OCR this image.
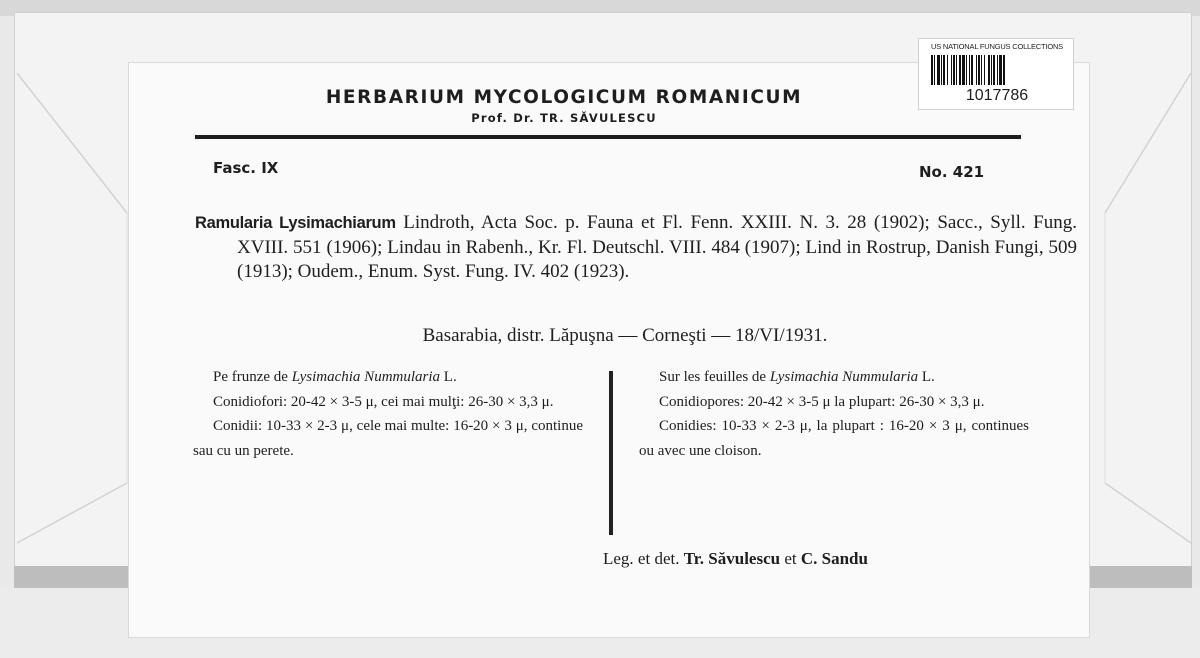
HERBARIUM MYCOLOGICUM ROMANICUM
Prof. Dr. TR. SĂVULESCU
Fasc. IX	No. 421
Ramularia Lysimachiarum Lindroth, Acta Soc. p. Fauna et Fl. Fenn. XXIII. N. 3. 28 (1902); Sacc., Syll. Fung. XVIII. 551 (1906); Lindau in Rabenh., Kr. Fl. Deutschl. VIII. 484 (1907); Lind in Rostrup, Danish Fungi, 509 (1913); Oudem., Enum. Syst. Fung. IV. 402 (1923).
Basarabia, distr. Lăpuşna — Corneşti — 18/VI/1931.

Pe frunze de Lysimachia Nummularia L.

Conidiofori: 20-42 × 3-5 μ, cei mai mulţi: 26-30 × 3,3 μ.

Conidii: 10-33 × 2-3 μ, cele mai multe: 16-20 × 3 μ, continue sau cu un perete.

Sur les feuilles de Lysimachia Nummularia L.

Conidiopores: 20-42 × 3-5 μ la plupart: 26-30 × 3,3 μ.

Conidies: 10-33 × 2-3 μ, la plupart : 16-20 × 3 μ, continues ou avec une cloison.

Leg. et det. Tr. Săvulescu et C. Sandu
US NATIONAL FUNGUS COLLECTIONS
1017786
